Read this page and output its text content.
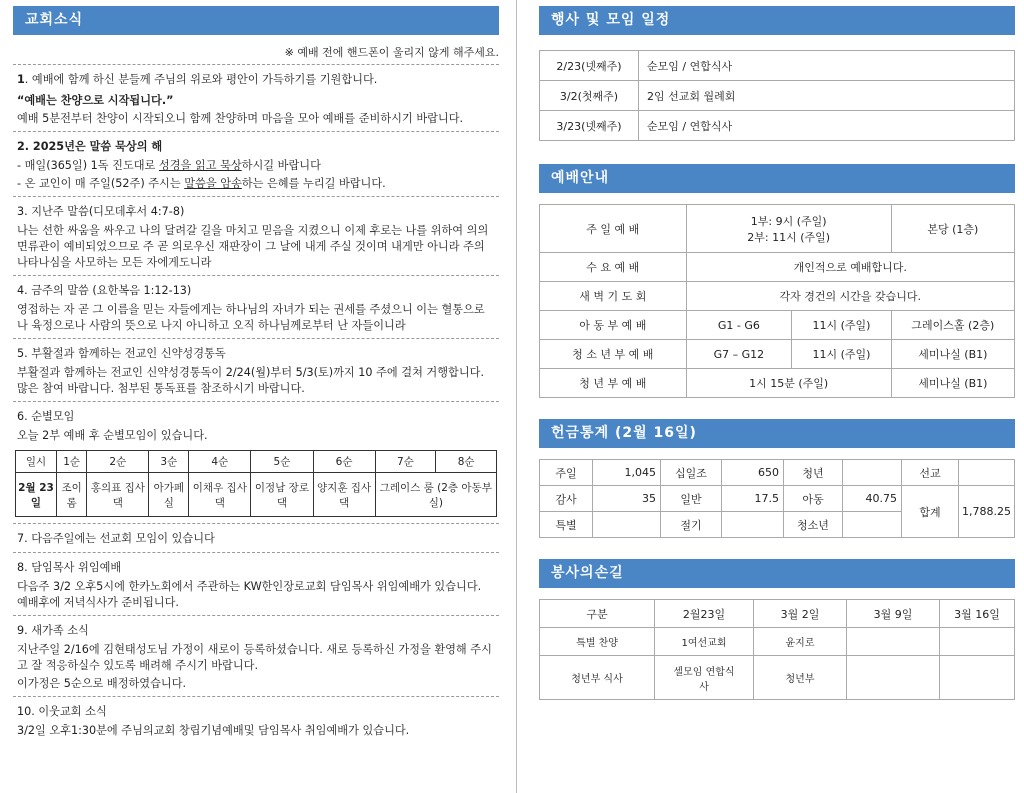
교회소식
※ 예배 전에 핸드폰이 울리지 않게 해주세요.
1. 예배에 함께 하신 분들께 주님의 위로와 평안이 가득하기를 기원합니다.
“예배는 찬양으로 시작됩니다.”
예배 5분전부터 찬양이 시작되오니 함께 찬양하며 마음을 모아 예배를 준비하시기 바랍니다.
2. 2025년은 말씀 묵상의 해
- 매일(365일) 1독 진도대로 성경을 읽고 묵상하시길 바랍니다
- 온 교인이 매 주일(52주) 주시는 말씀을 암송하는 은혜를 누리길 바랍니다.
3. 지난주 말씀(디모데후서 4:7-8)
나는 선한 싸움을 싸우고 나의 달려갈 길을 마치고 믿음을 지켰으니 이제 후로는 나를 위하여 의의 면류관이 예비되었으므로 주 곧 의로우신 재판장이 그 날에 내게 주실 것이며 내게만 아니라 주의 나타나심을 사모하는 모든 자에게도니라
4. 금주의 말씀 (요한복음 1:12-13)
영접하는 자 곧 그 이름을 믿는 자들에게는 하나님의 자녀가 되는 권세를 주셨으니 이는 혈통으로나 육정으로나 사람의 뜻으로 나지 아니하고 오직 하나님께로부터 난 자들이니라
5. 부활절과 함께하는 전교인 신약성경통독
부활절과 함께하는 전교인 신약성경통독이 2/24(월)부터 5/3(토)까지 10 주에 걸쳐 거행합니다. 많은 참여 바랍니다. 첨부된 통독표를 참조하시기 바랍니다.
6. 순별모임
오늘 2부 예배 후 순별모임이 있습니다.
일시	1순	2순	3순	4순	5순	6순	7순	8순
2월 23일	조이롬	홍의표 집사댁	아가페실	이채우 집사댁	이정남 장로댁	양지훈 집사댁	그레이스 룸 (2층 아동부실)	
7. 다음주일에는 선교회 모임이 있습니다
8. 담임목사 위임예배
다음주 3/2 오후5시에 한카노회에서 주관하는 KW한인장로교회 담임목사 위임예배가 있습니다. 예배후에 저녁식사가 준비됩니다.
9. 새가족 소식
지난주일 2/16에 김현태성도님 가정이 새로이 등록하셨습니다. 새로 등록하신 가정을 환영해 주시고 잘 적응하실수 있도록 배려해 주시기 바랍니다.
이가정은 5순으로 배정하였습니다.
10. 이웃교회 소식
3/2일 오후1:30분에 주님의교회 창립기념예배및 담임목사 취임예배가 있습니다.
행사 및 모임 일정
2/23(넷째주)	순모임 / 연합식사
3/2(첫째주)	2임 선교회 월례회
3/23(넷째주)	순모임 / 연합식사
예배안내
주 일 예 배	1부: 9시 (주일)
2부: 11시 (주일)		본당 (1층)
수 요 예 배	개인적으로 예배합니다.		
새 벽 기 도 회	각자 경건의 시간을 갖습니다.		
아 동 부 예 배	G1 - G6	11시 (주일)	그레이스홀 (2층)
청 소 년 부 예 배	G7 – G12	11시 (주일)	세미나실 (B1)
청 년 부 예 배	1시 15분 (주일)		세미나실 (B1)
헌금통계 (2월 16일)
주일	1,045	십일조	650	청년		선교	
감사	35	일반	17.5	아동	40.75	합계	1,788.25
특별		절기		청소년			
봉사의손길
구분	2월23일	3월 2일	3월 9일	3월 16일
특별 찬양	1여선교회	윤지로		
청년부 식사	셀모임 연합식사	청년부		
